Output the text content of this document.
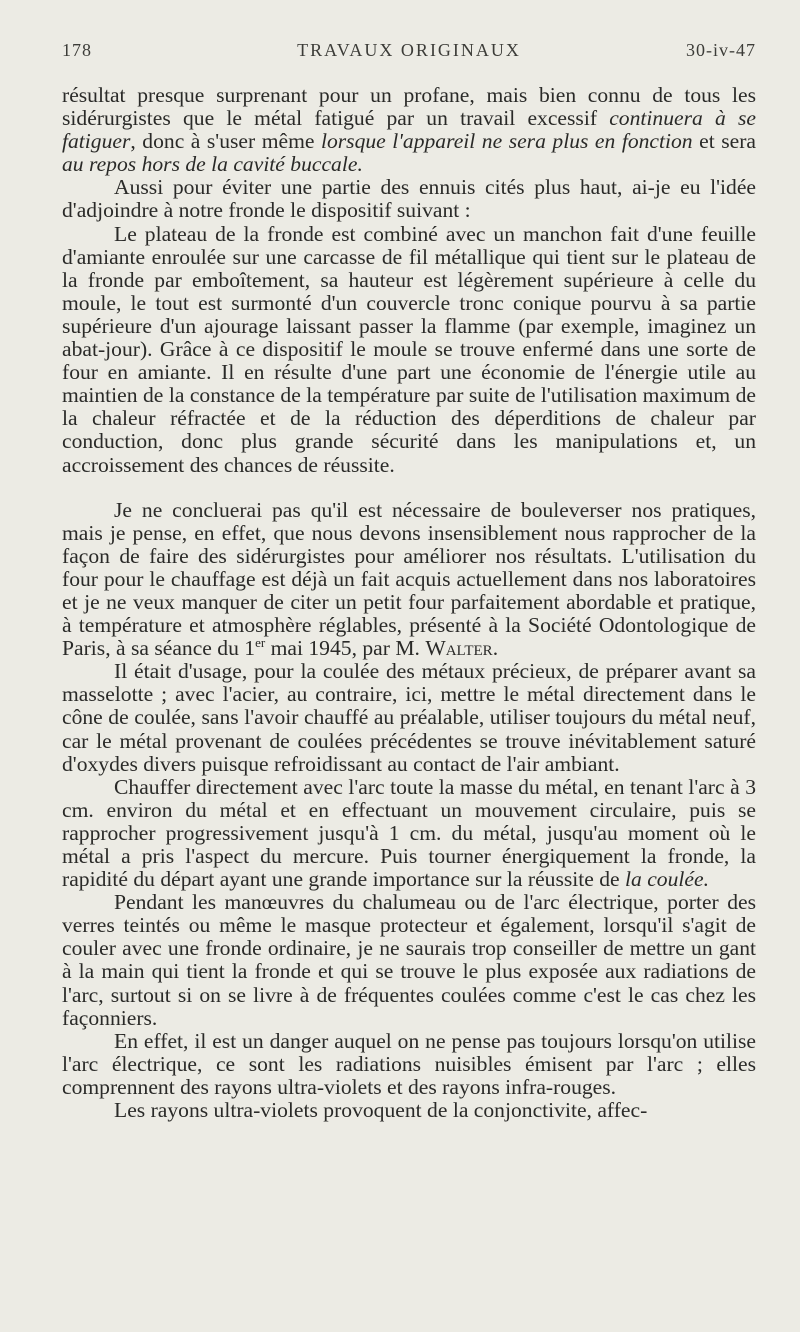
178	TRAVAUX ORIGINAUX	30-iv-47

résultat presque surprenant pour un profane, mais bien connu de tous les sidérurgistes que le métal fatigué par un travail excessif continuera à se fatiguer, donc à s'user même lorsque l'appareil ne sera plus en fonction et sera au repos hors de la cavité buccale.

Aussi pour éviter une partie des ennuis cités plus haut, ai-je eu l'idée d'adjoindre à notre fronde le dispositif suivant :

Le plateau de la fronde est combiné avec un manchon fait d'une feuille d'amiante enroulée sur une carcasse de fil métallique qui tient sur le plateau de la fronde par emboîtement, sa hauteur est légèrement supérieure à celle du moule, le tout est surmonté d'un couvercle tronc conique pourvu à sa partie supérieure d'un ajourage laissant passer la flamme (par exemple, imaginez un abat-jour). Grâce à ce dispositif le moule se trouve enfermé dans une sorte de four en amiante. Il en résulte d'une part une économie de l'énergie utile au maintien de la constance de la température par suite de l'utilisation maximum de la chaleur réfractée et de la réduction des déperditions de chaleur par conduction, donc plus grande sécurité dans les manipulations et, un accroissement des chances de réussite.

Je ne concluerai pas qu'il est nécessaire de bouleverser nos pratiques, mais je pense, en effet, que nous devons insensiblement nous rapprocher de la façon de faire des sidérurgistes pour améliorer nos résultats. L'utilisation du four pour le chauffage est déjà un fait acquis actuellement dans nos laboratoires et je ne veux manquer de citer un petit four parfaitement abordable et pratique, à température et atmosphère réglables, présenté à la Société Odontologique de Paris, à sa séance du 1er mai 1945, par M. Walter.

Il était d'usage, pour la coulée des métaux précieux, de préparer avant sa masselotte ; avec l'acier, au contraire, ici, mettre le métal directement dans le cône de coulée, sans l'avoir chauffé au préalable, utiliser toujours du métal neuf, car le métal provenant de coulées précédentes se trouve inévitablement saturé d'oxydes divers puisque refroidissant au contact de l'air ambiant.

Chauffer directement avec l'arc toute la masse du métal, en tenant l'arc à 3 cm. environ du métal et en effectuant un mouvement circulaire, puis se rapprocher progressivement jusqu'à 1 cm. du métal, jusqu'au moment où le métal a pris l'aspect du mercure. Puis tourner énergiquement la fronde, la rapidité du départ ayant une grande importance sur la réussite de la coulée.

Pendant les manœuvres du chalumeau ou de l'arc électrique, porter des verres teintés ou même le masque protecteur et également, lorsqu'il s'agit de couler avec une fronde ordinaire, je ne saurais trop conseiller de mettre un gant à la main qui tient la fronde et qui se trouve le plus exposée aux radiations de l'arc, surtout si on se livre à de fréquentes coulées comme c'est le cas chez les façonniers.

En effet, il est un danger auquel on ne pense pas toujours lorsqu'on utilise l'arc électrique, ce sont les radiations nuisibles émisent par l'arc ; elles comprennent des rayons ultra-violets et des rayons infra-rouges.

Les rayons ultra-violets provoquent de la conjonctivite, affec-
